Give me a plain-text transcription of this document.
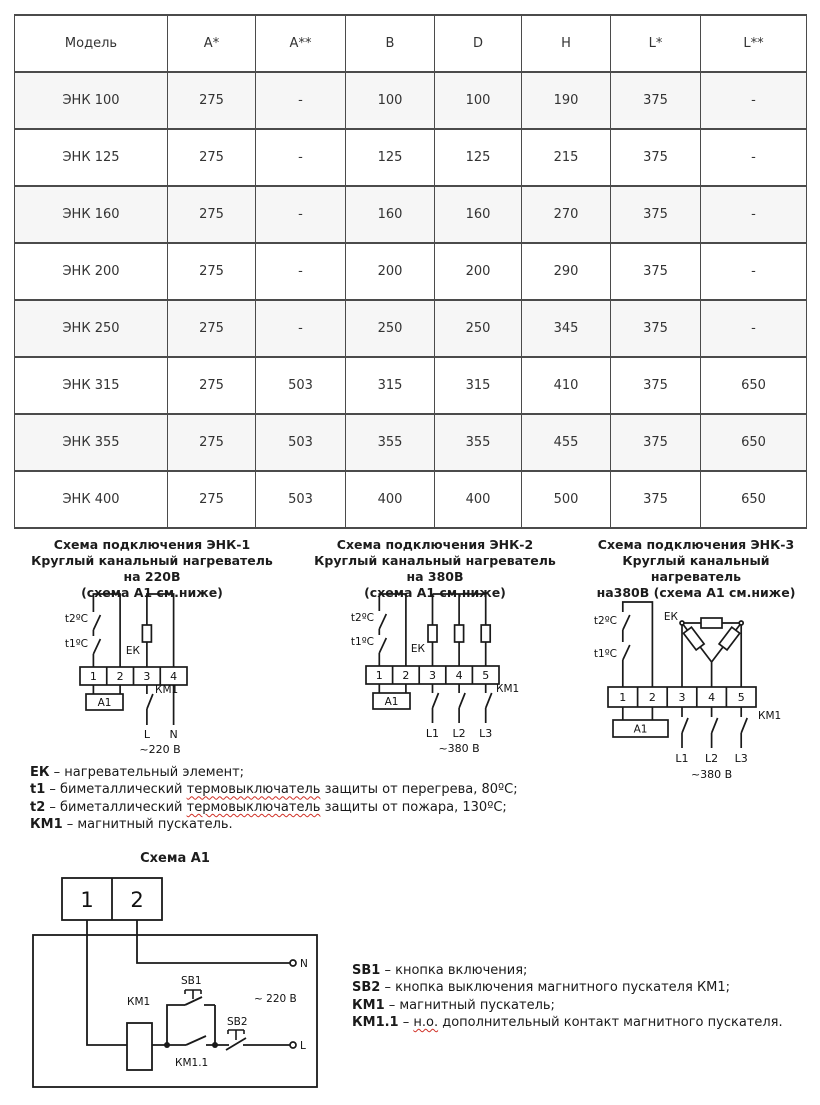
Модель	A*	A**	B	D	H	L*	L**
ЭНК 100	275	-	100	100	190	375	-
ЭНК 125	275	-	125	125	215	375	-
ЭНК 160	275	-	160	160	270	375	-
ЭНК 200	275	-	200	200	290	375	-
ЭНК 250	275	-	250	250	345	375	-
ЭНК 315	275	503	315	315	410	375	650
ЭНК 355	275	503	355	355	455	375	650
ЭНК 400	275	503	400	400	500	375	650
Схема подключения ЭНК-1
Круглый канальный нагреватель на 220В
(схема А1 см.ниже)
Схема подключения ЭНК-2
Круглый канальный нагреватель на 380В
(схема А1 см.ниже)
Схема подключения ЭНК-3
Круглый канальный нагреватель
на380В (схема А1 см.ниже)
t2ºC
t1ºC
ЕК
1 2 3 4
А1
КМ1
L N
~220 В
t2ºC
t1ºC
ЕК
1 2 3 4 5
А1
КМ1
L1 L2 L3
~380 В
t2ºC
t1ºC
ЕК
1 2 3 4 5
А1
КМ1
L1 L2 L3
~380 В
ЕК – нагревательный элемент;
t1 – биметаллический термовыключатель защиты от перегрева, 80ºС;
t2 – биметаллический термовыключатель защиты от пожара, 130ºС;
КМ1 – магнитный пускатель.
Схема А1
1 2
N
КМ1
КМ1.1
SB1
SB2
L
~ 220 В
SB1 – кнопка включения;
SB2 – кнопка выключения магнитного пускателя КМ1;
КМ1 – магнитный пускатель;
КМ1.1 – н.о. дополнительный контакт магнитного пускателя.
